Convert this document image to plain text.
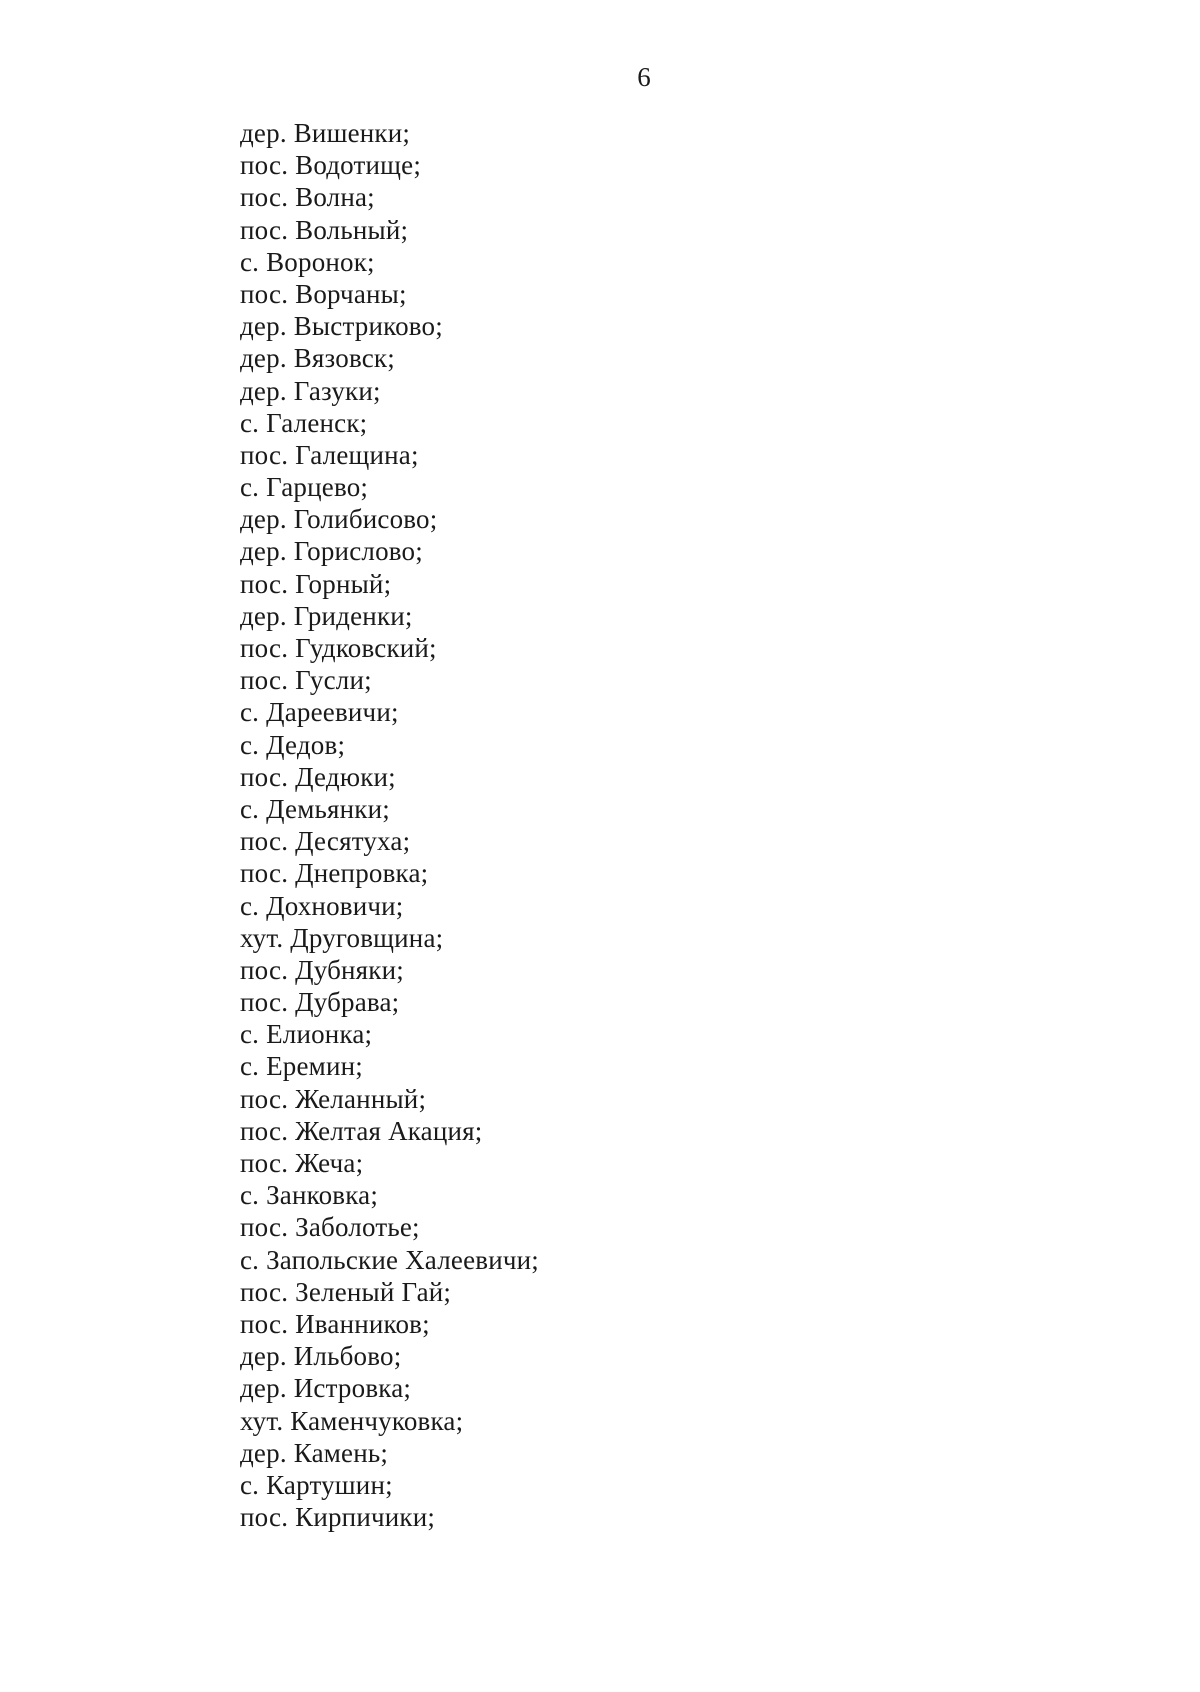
6
дер. Вишенки;
пос. Водотище;
пос. Волна;
пос. Вольный;
с. Воронок;
пос. Ворчаны;
дер. Выстриково;
дер. Вязовск;
дер. Газуки;
с. Галенск;
пос. Галещина;
с. Гарцево;
дер. Голибисово;
дер. Горислово;
пос. Горный;
дер. Гриденки;
пос. Гудковский;
пос. Гусли;
с. Дареевичи;
с. Дедов;
пос. Дедюки;
с. Демьянки;
пос. Десятуха;
пос. Днепровка;
с. Дохновичи;
хут. Друговщина;
пос. Дубняки;
пос. Дубрава;
с. Елионка;
с. Еремин;
пос. Желанный;
пос. Желтая Акация;
пос. Жеча;
с. Занковка;
пос. Заболотье;
с. Запольские Халеевичи;
пос. Зеленый Гай;
пос. Иванников;
дер. Ильбово;
дер. Истровка;
хут. Каменчуковка;
дер. Камень;
с. Картушин;
пос. Кирпичики;
